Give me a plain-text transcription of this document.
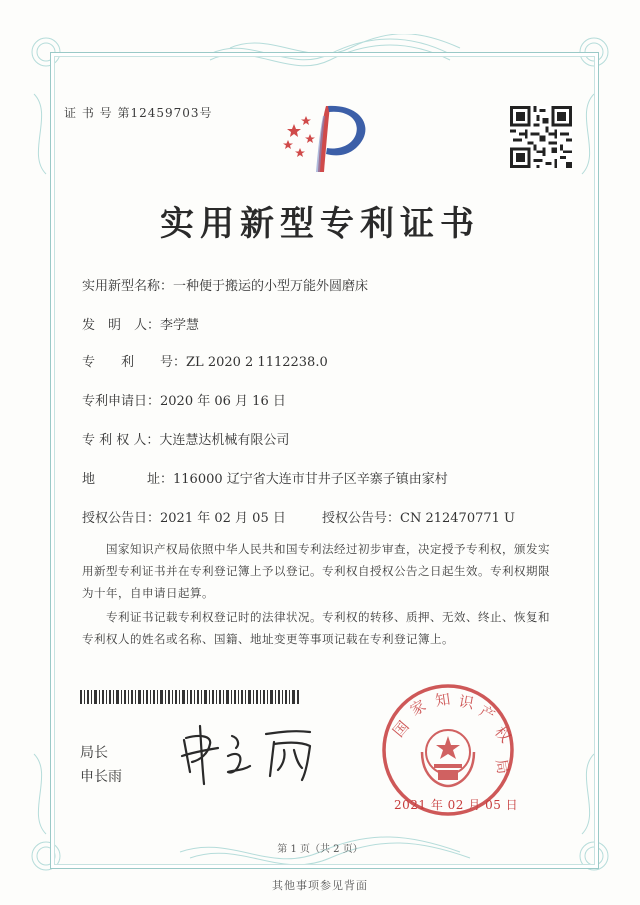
证 书 号 第12459703号
实用新型专利证书
实用新型名称：一种便于搬运的小型万能外圆磨床
发　明　人：李学慧
专　　利　　号：ZL 2020 2 1112238.0
专利申请日：2020 年 06 月 16 日
专 利 权 人：大连慧达机械有限公司
地　　　　址：116000 辽宁省大连市甘井子区辛寨子镇由家村
授权公告日：2021 年 02 月 05 日	授权公告号：CN 212470771 U
国家知识产权局依照中华人民共和国专利法经过初步审查，决定授予专利权，颁发实用新型专利证书并在专利登记簿上予以登记。专利权自授权公告之日起生效。专利权期限为十年，自申请日起算。
专利证书记载专利权登记时的法律状况。专利权的转移、质押、无效、终止、恢复和专利权人的姓名或名称、国籍、地址变更等事项记载在专利登记簿上。
局长
申长雨
国
家 知 识 产
权
局
2021 年 02 月 05 日
第 1 页（共 2 页）
其他事项参见背面
